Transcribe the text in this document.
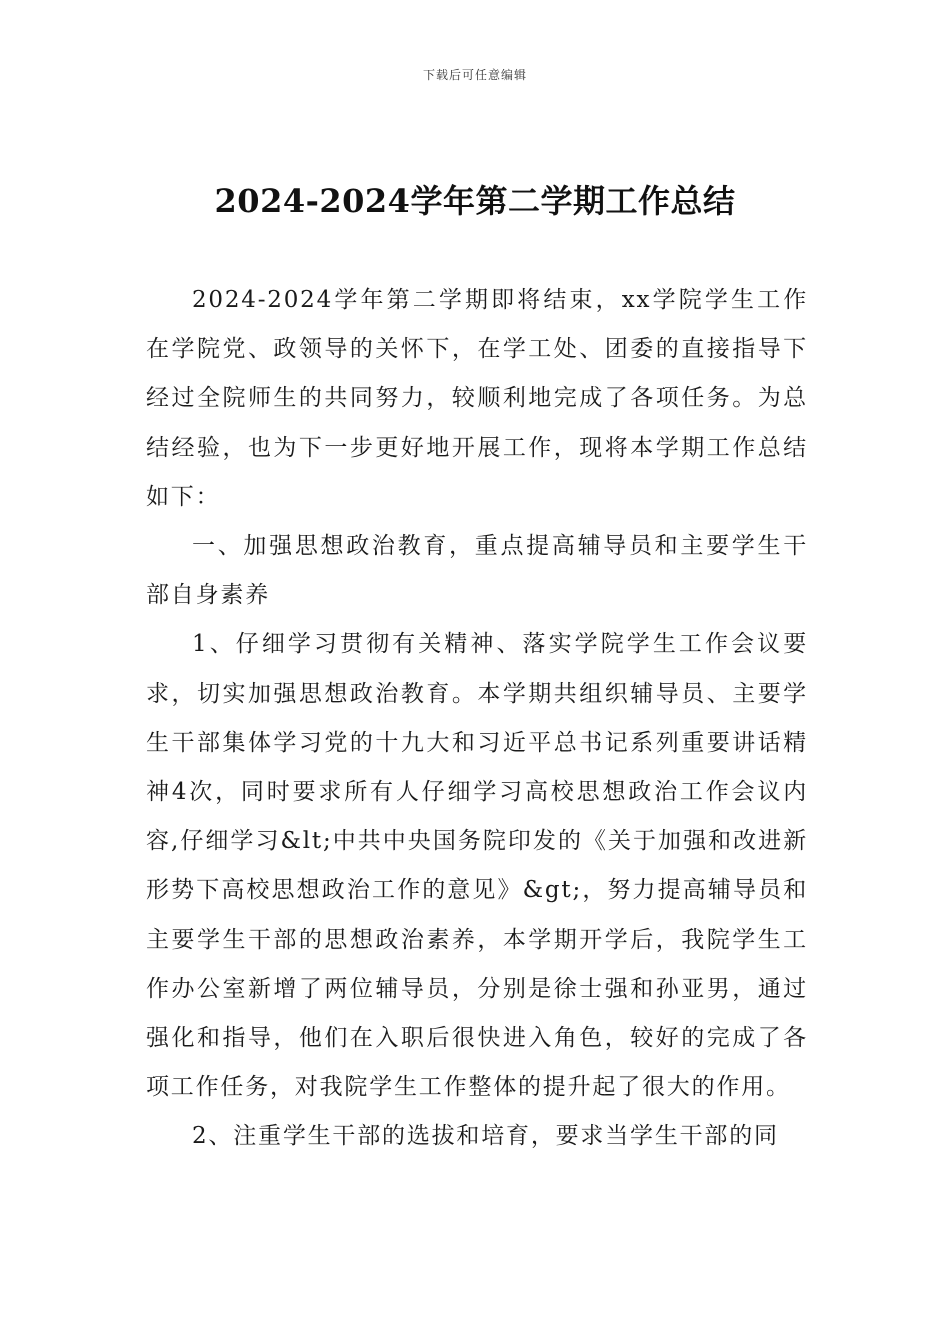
下载后可任意编辑
2024-2024学年第二学期工作总结

2024-2024学年第二学期即将结束，xx学院学生工作在学院党、政领导的关怀下，在学工处、团委的直接指导下经过全院师生的共同努力，较顺利地完成了各项任务。为总结经验，也为下一步更好地开展工作，现将本学期工作总结如下：

一、加强思想政治教育，重点提高辅导员和主要学生干部自身素养

1、仔细学习贯彻有关精神、落实学院学生工作会议要求，切实加强思想政治教育。本学期共组织辅导员、主要学生干部集体学习党的十九大和习近平总书记系列重要讲话精神4次，同时要求所有人仔细学习高校思想政治工作会议内容,仔细学习&lt;中共中央国务院印发的《关于加强和改进新形势下高校思想政治工作的意见》&gt;，努力提高辅导员和主要学生干部的思想政治素养，本学期开学后，我院学生工作办公室新增了两位辅导员，分别是徐士强和孙亚男，通过强化和指导，他们在入职后很快进入角色，较好的完成了各项工作任务，对我院学生工作整体的提升起了很大的作用。

2、注重学生干部的选拔和培育，要求当学生干部的同
